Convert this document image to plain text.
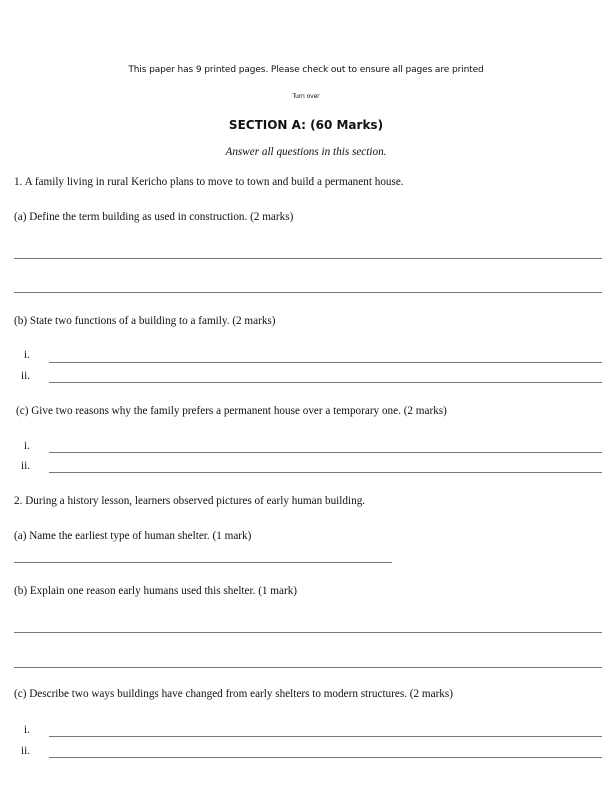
This paper has 9 printed pages. Please check out to ensure all pages are printed
Turn over
SECTION A: (60 Marks)
Answer all questions in this section.
1. A family living in rural Kericho plans to move to town and build a permanent house.
(a) Define the term building as used in construction. (2 marks)
(b) State two functions of a building to a family. (2 marks)
i.
ii.
(c) Give two reasons why the family prefers a permanent house over a temporary one. (2 marks)
i.
ii.
2. During a history lesson, learners observed pictures of early human building.
(a) Name the earliest type of human shelter. (1 mark)
(b) Explain one reason early humans used this shelter. (1 mark)
(c) Describe two ways buildings have changed from early shelters to modern structures. (2 marks)
i.
ii.
